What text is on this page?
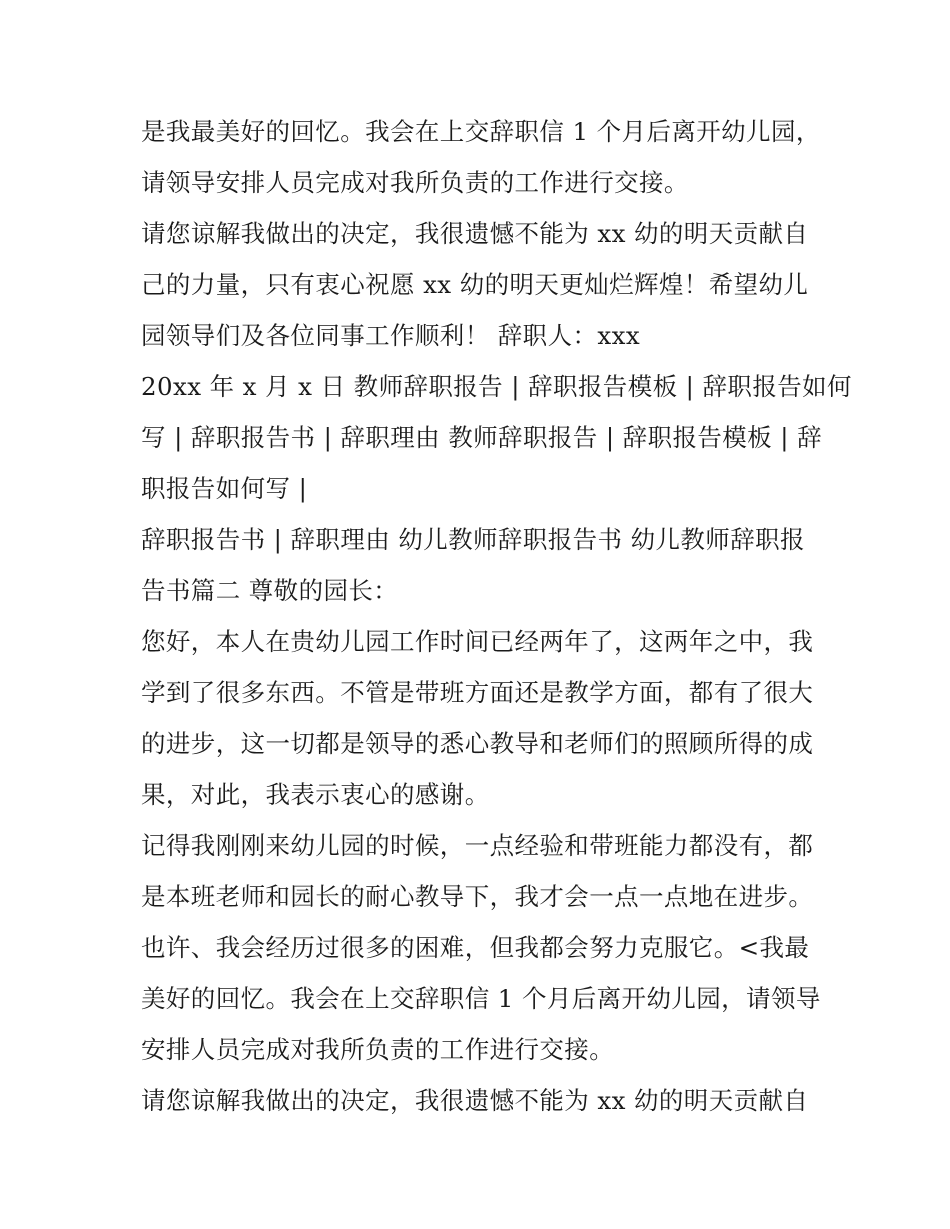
是我最美好的回忆。我会在上交辞职信 1 个月后离开幼儿园，
请领导安排人员完成对我所负责的工作进行交接。
请您谅解我做出的决定，我很遗憾不能为 xx 幼的明天贡献自
己的力量，只有衷心祝愿 xx 幼的明天更灿烂辉煌！希望幼儿
园领导们及各位同事工作顺利！ 辞职人：xxx
20xx 年 x 月 x 日 教师辞职报告 | 辞职报告模板 | 辞职报告如何
写 | 辞职报告书 | 辞职理由 教师辞职报告 | 辞职报告模板 | 辞
职报告如何写 |
辞职报告书 | 辞职理由 幼儿教师辞职报告书 幼儿教师辞职报
告书篇二 尊敬的园长：
您好，本人在贵幼儿园工作时间已经两年了，这两年之中，我
学到了很多东西。不管是带班方面还是教学方面，都有了很大
的进步，这一切都是领导的悉心教导和老师们的照顾所得的成
果，对此，我表示衷心的感谢。
记得我刚刚来幼儿园的时候，一点经验和带班能力都没有，都
是本班老师和园长的耐心教导下，我才会一点一点地在进步。
也许、我会经历过很多的困难，但我都会努力克服它。<我最
美好的回忆。我会在上交辞职信 1 个月后离开幼儿园，请领导
安排人员完成对我所负责的工作进行交接。
请您谅解我做出的决定，我很遗憾不能为 xx 幼的明天贡献自
